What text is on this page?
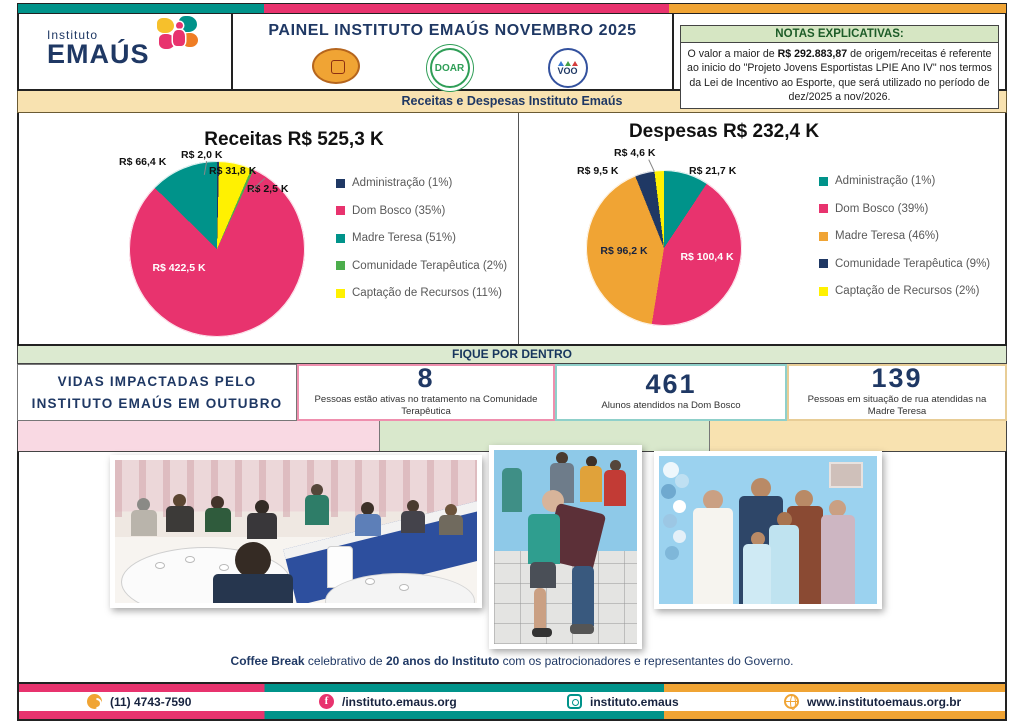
Instituto
EMAÚS
PAINEL INSTITUTO EMAÚS NOVEMBRO 2025
DOAR	VOO
NOTAS EXPLICATIVAS:
O valor a maior de R$ 292.883,87 de origem/receitas é referente ao inicio do "Projeto Jovens Esportistas LPIE Ano IV" nos termos da Lei de Incentivo ao Esporte, que será utilizado no período de dez/2025 a nov/2026.
Receitas e Despesas Instituto Emaús
Receitas R$ 525,3 K
R$ 66,4 K
R$ 2,0 K
R$ 31,8 K
R$ 2,5 K
R$ 422,5 K
Administração (1%)
Dom Bosco (35%)
Madre Teresa (51%)
Comunidade Terapêutica (2%)
Captação de Recursos (11%)
Despesas R$ 232,4 K
R$ 4,6 K
R$ 9,5 K	R$ 21,7 K
R$ 96,2 K	R$ 100,4 K
Administração (1%)
Dom Bosco (39%)
Madre Teresa (46%)
Comunidade Terapêutica (9%)
Captação de Recursos (2%)
FIQUE POR DENTRO
VIDAS IMPACTADAS PELO
INSTITUTO EMAÚS EM OUTUBRO
8
Pessoas estão ativas no tratamento na Comunidade Terapêutica
461
Alunos atendidos na Dom Bosco
139
Pessoas em situação de rua atendidas na Madre Teresa
Coffee Break celebrativo de 20 anos do Instituto com os patrocionadores e representantes do Governo.
(11) 4743-7590	f	/instituto.emaus.org	instituto.emaus	www.institutoemaus.org.br
